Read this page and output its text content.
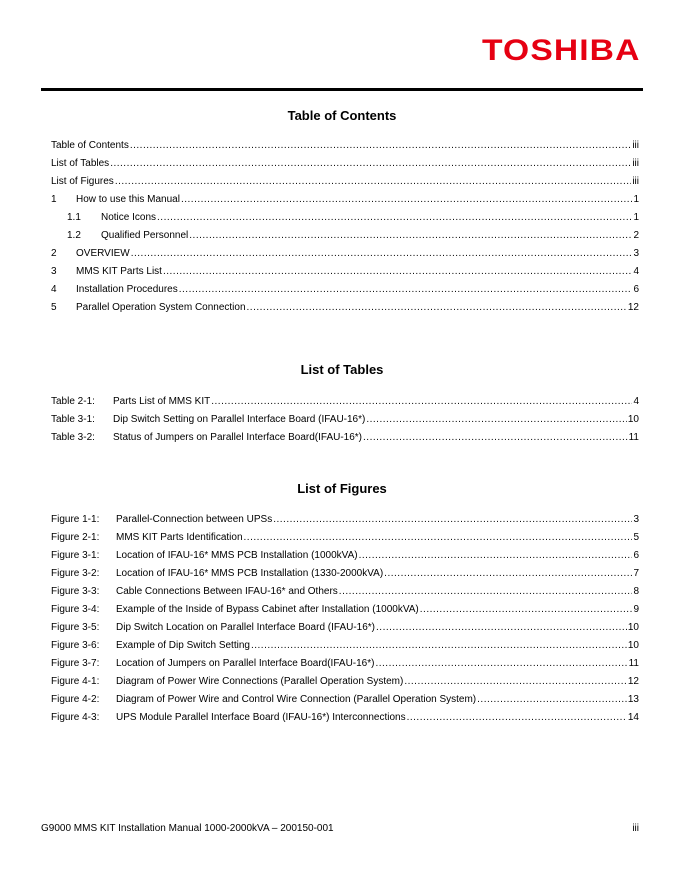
TOSHIBA
Table of Contents
Table of Contents .....	iii
List of Tables .....	iii
List of Figures .....	iii
1	How to use this Manual .....	1
1.1	Notice Icons .....	1
1.2	Qualified Personnel .....	2
2	OVERVIEW .....	3
3	MMS KIT Parts List .....	4
4	Installation Procedures .....	6
5	Parallel Operation System Connection .....	12
List of Tables
Table 2-1:	Parts List of MMS KIT .....	4
Table 3-1:	Dip Switch Setting on Parallel Interface Board (IFAU-16*) .....	10
Table 3-2:	Status of Jumpers on Parallel Interface Board(IFAU-16*) .....	11
List of Figures
Figure 1-1:	Parallel-Connection between UPSs .....	3
Figure 2-1:	MMS KIT Parts Identification .....	5
Figure 3-1:	Location of IFAU-16* MMS PCB Installation (1000kVA) .....	6
Figure 3-2:	Location of IFAU-16* MMS PCB Installation (1330-2000kVA) .....	7
Figure 3-3:	Cable Connections Between IFAU-16* and Others .....	8
Figure 3-4:	Example of the Inside of Bypass Cabinet after Installation (1000kVA) .....	9
Figure 3-5:	Dip Switch Location on Parallel Interface Board (IFAU-16*) .....	10
Figure 3-6:	Example of Dip Switch Setting .....	10
Figure 3-7:	Location of Jumpers on Parallel Interface Board(IFAU-16*) .....	11
Figure 4-1:	Diagram of Power Wire Connections (Parallel Operation System) .....	12
Figure 4-2:	Diagram of Power Wire and Control Wire Connection (Parallel Operation System) .....	13
Figure 4-3:	UPS Module Parallel Interface Board (IFAU-16*) Interconnections .....	14
G9000 MMS KIT Installation Manual 1000-2000kVA – 200150-001	iii
